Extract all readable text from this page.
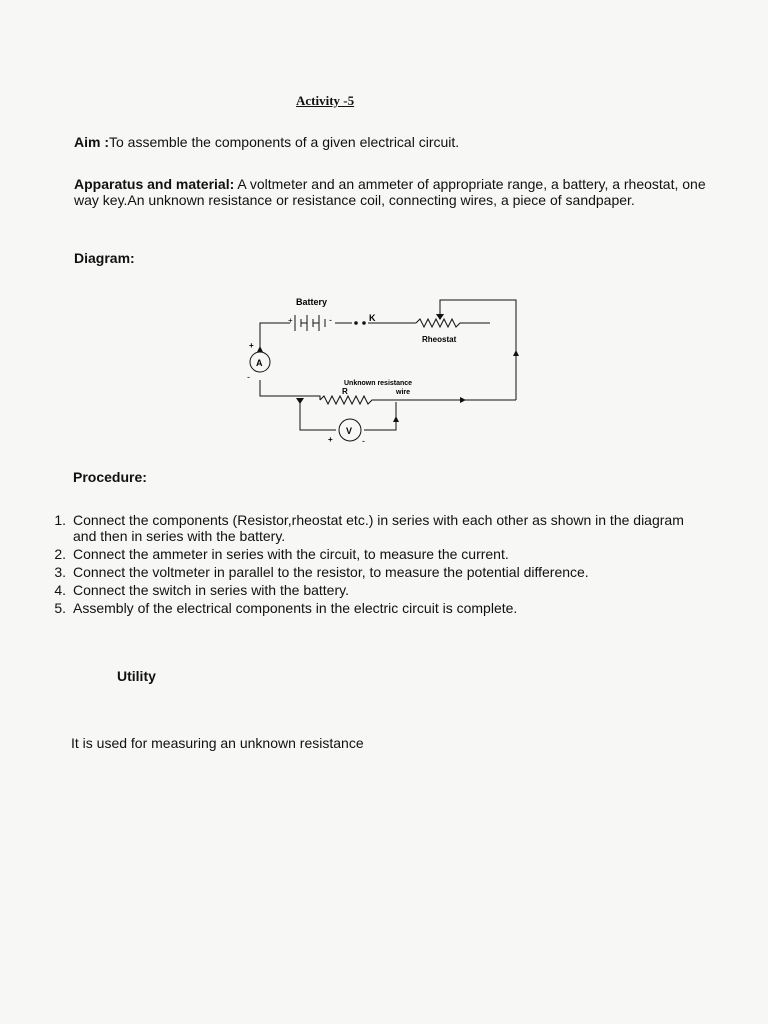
Activity -5
Aim :To assemble the components of a given electrical circuit.
Apparatus and material: A voltmeter and an ammeter of appropriate range, a battery, a rheostat, one way key.An unknown resistance or resistance coil, connecting wires, a piece of sandpaper.
Diagram:
Battery
+	-	K
Rheostat
A
+
-
V
+	-
Unknown resistance
wire
R
Procedure:
1. Connect the components (Resistor,rheostat etc.) in series with each other as shown in the diagram and then in series with the battery.
2. Connect the ammeter in series with the circuit, to measure the current.
3. Connect the voltmeter in parallel to the resistor, to measure the potential difference.
4. Connect the switch in series with the battery.
5. Assembly of the electrical components in the electric circuit is complete.
Utility
It is used for measuring an unknown resistance
